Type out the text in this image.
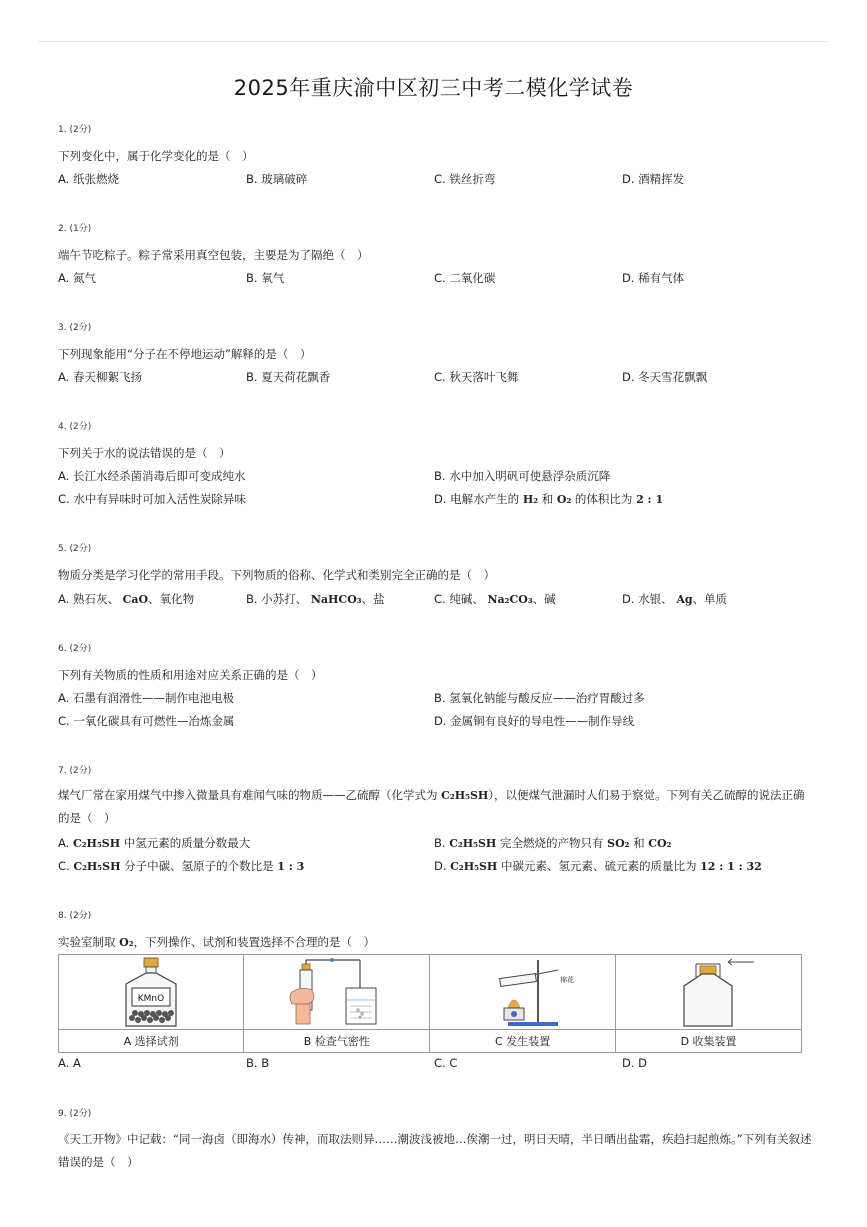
2025年重庆渝中区初三中考二模化学试卷
1. (2分)
下列变化中，属于化学变化的是（　）
A. 纸张燃烧	B. 玻璃破碎	C. 铁丝折弯	D. 酒精挥发
2. (1分)
端午节吃粽子。粽子常采用真空包装，主要是为了隔绝（　）
A. 氮气	B. 氧气	C. 二氧化碳	D. 稀有气体
3. (2分)
下列现象能用“分子在不停地运动”解释的是（　）
A. 春天柳絮飞扬	B. 夏天荷花飘香	C. 秋天落叶飞舞	D. 冬天雪花飘飘
4. (2分)
下列关于水的说法错误的是（　）
A. 长江水经杀菌消毒后即可变成纯水	B. 水中加入明矾可使悬浮杂质沉降
C. 水中有异味时可加入活性炭除异味	D. 电解水产生的 H₂ 和 O₂ 的体积比为 2 : 1
5. (2分)
物质分类是学习化学的常用手段。下列物质的俗称、化学式和类别完全正确的是（　）
A. 熟石灰、 CaO、氧化物	B. 小苏打、 NaHCO₃、盐	C. 纯碱、 Na₂CO₃、碱	D. 水银、 Ag、单质
6. (2分)
下列有关物质的性质和用途对应关系正确的是（　）
A. 石墨有润滑性——制作电池电极	B. 氢氧化钠能与酸反应——治疗胃酸过多
C. 一氧化碳具有可燃性—冶炼金属	D. 金属铜有良好的导电性——制作导线
7. (2分)
煤气厂常在家用煤气中掺入微量具有难闻气味的物质——乙硫醇（化学式为 C₂H₅SH），以便煤气泄漏时人们易于察觉。下列有关乙硫醇的说法正确的是（　）
A. C₂H₅SH 中氢元素的质量分数最大	B. C₂H₅SH 完全燃烧的产物只有 SO₂ 和 CO₂
C. C₂H₅SH 分子中碳、氢原子的个数比是 1 : 3	D. C₂H₅SH 中碳元素、氢元素、硫元素的质量比为 12 : 1 : 32
8. (2分)
实验室制取 O₂，下列操作、试剂和装置选择不合理的是（　）
KMnO		棉花

A 选择试剂	B 检查气密性	C 发生装置	D 收集装置
A. A	B. B	C. C	D. D
9. (2分)
《天工开物》中记载：“同一海卤（即海水）传神，而取法则异……潮波浅被地…俟潮一过，明日天晴，半日晒出盐霜，疾趋扫起煎炼。”下列有关叙述错误的是（　）
